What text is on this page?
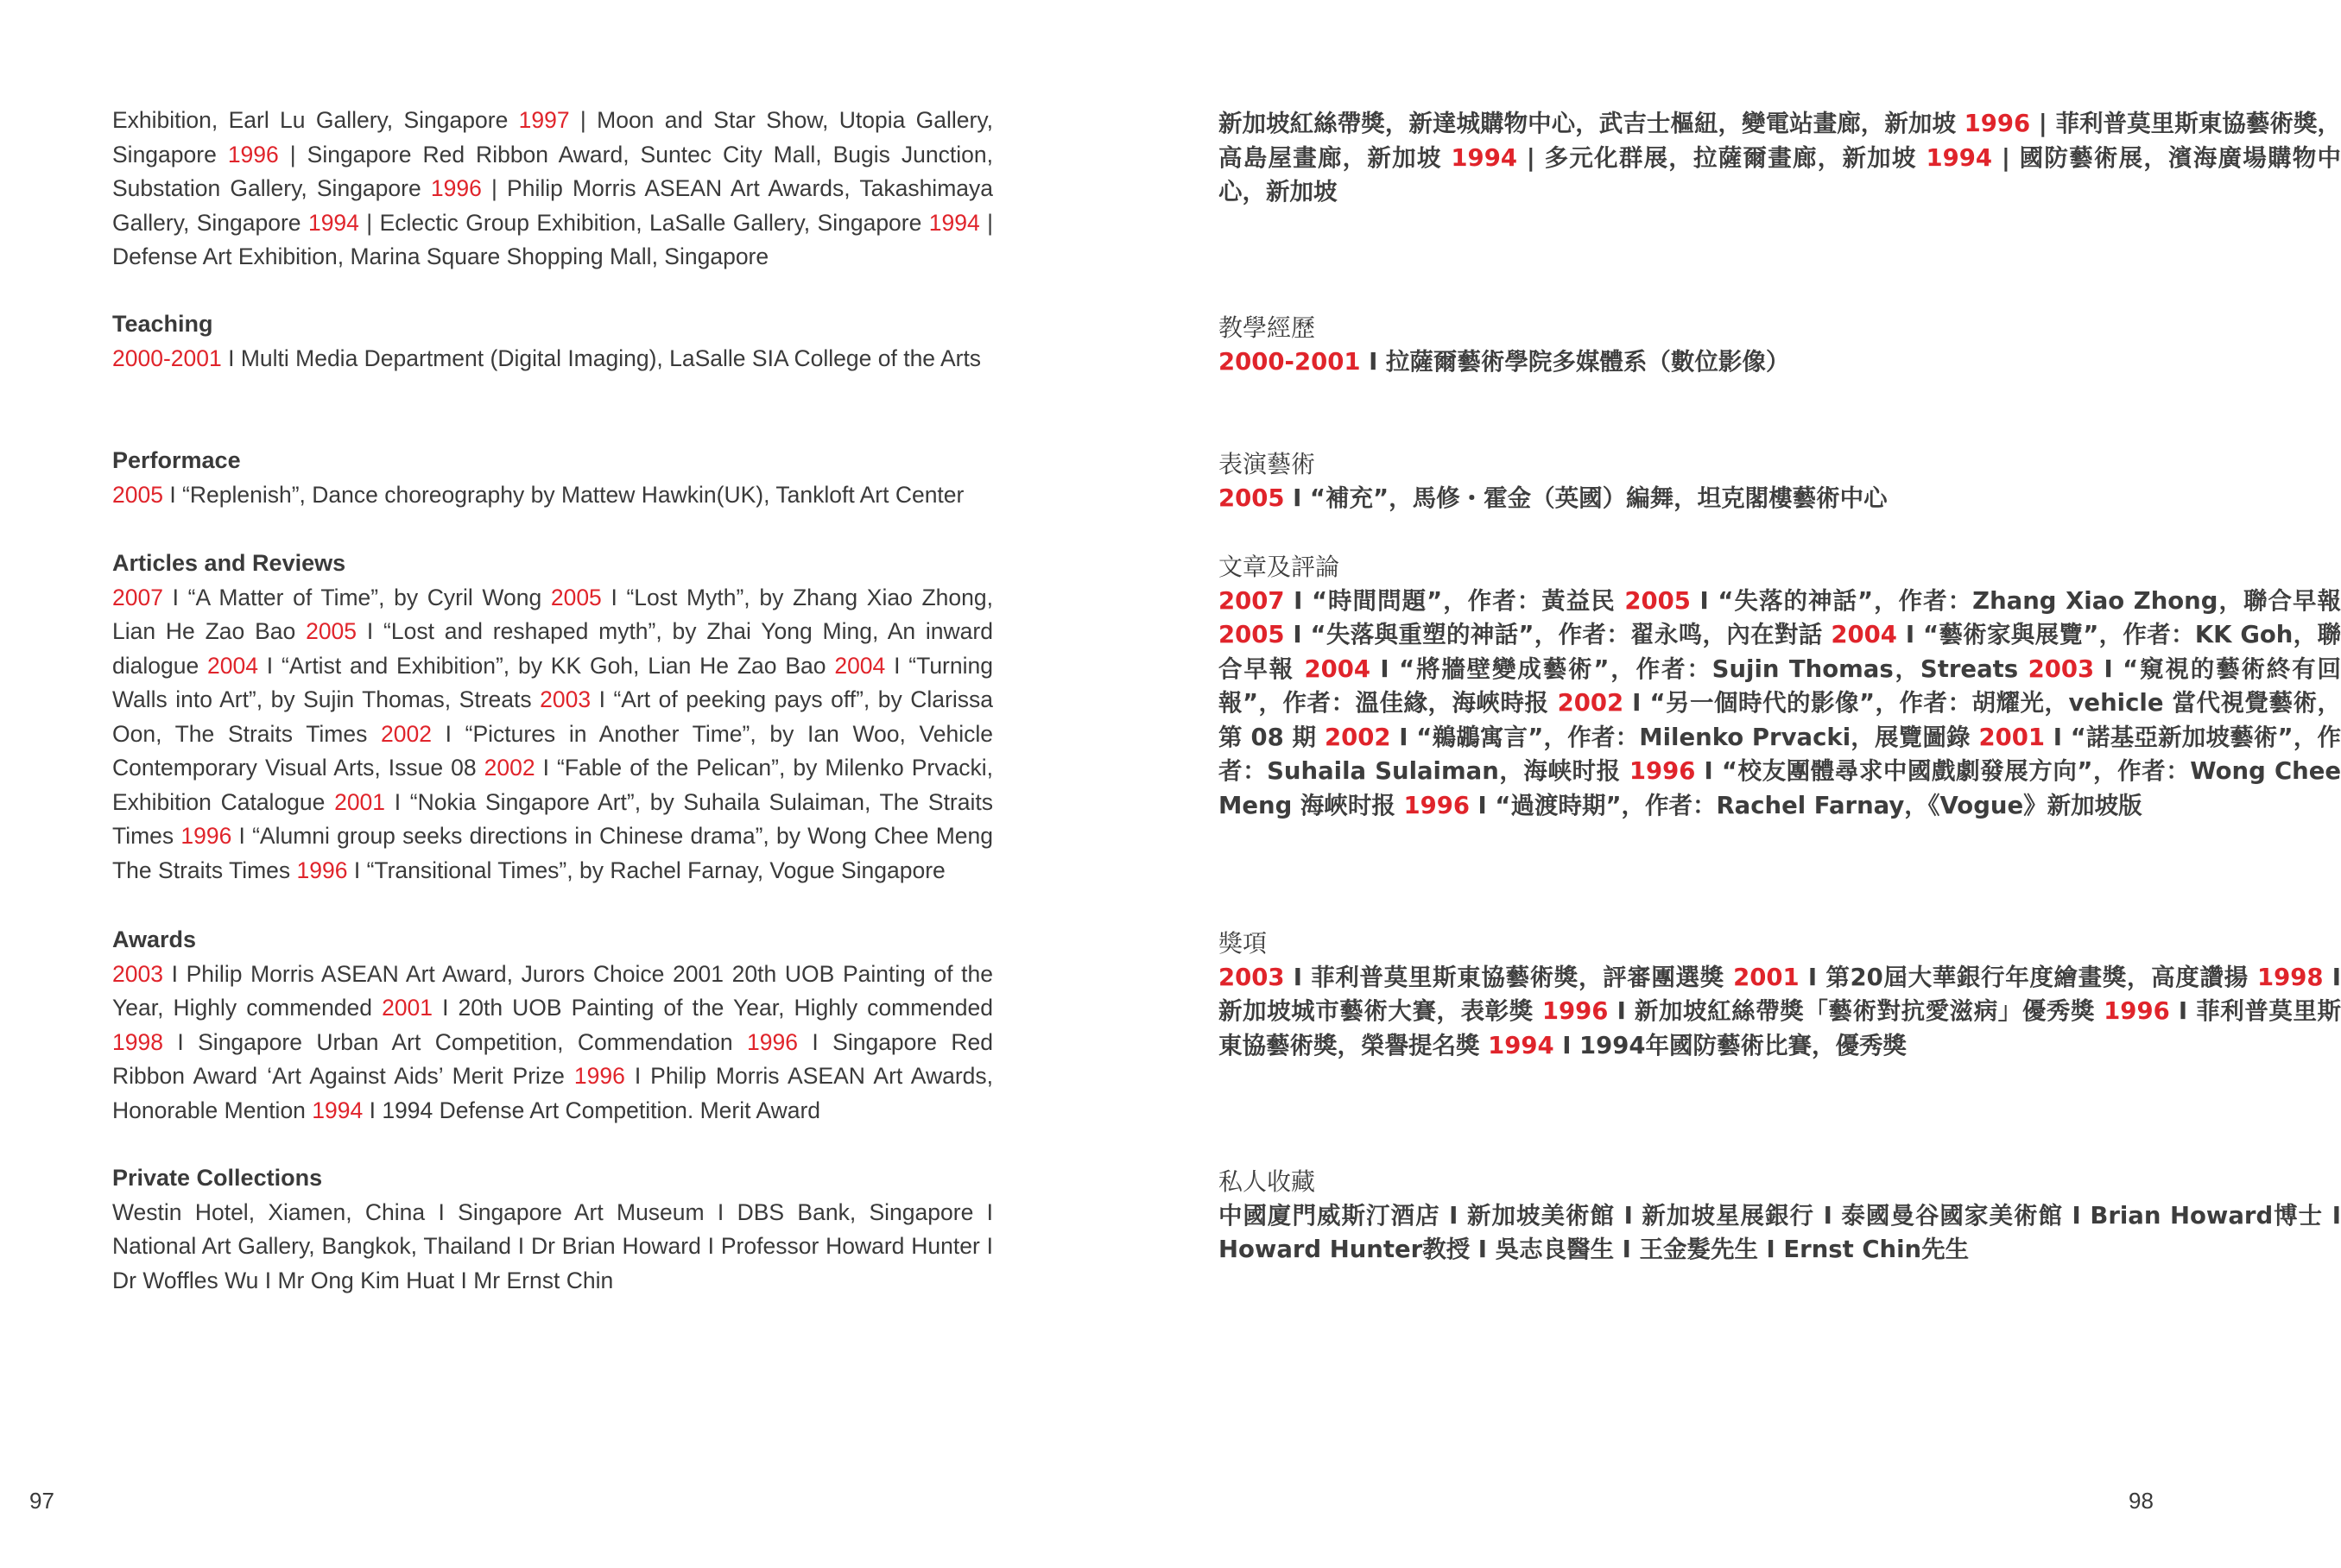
Exhibition, Earl Lu Gallery, Singapore 1997 | Moon and Star Show, Utopia Gallery, Singapore 1996 | Singapore Red Ribbon Award, Suntec City Mall, Bugis Junction, Substation Gallery, Singapore 1996 | Philip Morris ASEAN Art Awards, Takashimaya Gallery, Singapore 1994 | Eclectic Group Exhibition, LaSalle Gallery, Singapore 1994 | Defense Art Exhibition, Marina Square Shopping Mall, Singapore

Teaching

2000-2001 I Multi Media Department (Digital Imaging), LaSalle SIA College of the Arts

Performace

2005 I “Replenish”, Dance choreography by Mattew Hawkin(UK), Tankloft Art Center

Articles and Reviews

2007 I “A Matter of Time”, by Cyril Wong 2005 I “Lost Myth”, by Zhang Xiao Zhong, Lian He Zao Bao 2005 I “Lost and reshaped myth”, by Zhai Yong Ming, An inward dialogue 2004 I “Artist and Exhibition”, by KK Goh, Lian He Zao Bao 2004 I “Turning Walls into Art”, by Sujin Thomas, Streats 2003 I “Art of peeking pays off”, by Clarissa Oon, The Straits Times 2002 I “Pictures in Another Time”, by Ian Woo, Vehicle Contemporary Visual Arts, Issue 08 2002 I “Fable of the Pelican”, by Milenko Prvacki, Exhibition Catalogue 2001 I “Nokia Singapore Art”, by Suhaila Sulaiman, The Straits Times 1996 I “Alumni group seeks directions in Chinese drama”, by Wong Chee Meng The Straits Times 1996 I “Transitional Times”, by Rachel Farnay, Vogue Singapore

Awards

2003 I Philip Morris ASEAN Art Award, Jurors Choice 2001 20th UOB Painting of the Year, Highly commended 2001 I 20th UOB Painting of the Year, Highly commended 1998 I Singapore Urban Art Competition, Commendation 1996 I Singapore Red Ribbon Award ‘Art Against Aids’ Merit Prize 1996 I Philip Morris ASEAN Art Awards, Honorable Mention 1994 I 1994 Defense Art Competition. Merit Award

Private Collections

Westin Hotel, Xiamen, China I Singapore Art Museum I DBS Bank, Singapore I National Art Gallery, Bangkok, Thailand I Dr Brian Howard I Professor Howard Hunter I Dr Woffles Wu I Mr Ong Kim Huat I Mr Ernst Chin

97

新加坡紅絲帶獎，新達城購物中心，武吉士樞紐，變電站畫廊，新加坡 1996 | 菲利普莫里斯東協藝術獎，高島屋畫廊，新加坡 1994 | 多元化群展，拉薩爾畫廊，新加坡 1994 | 國防藝術展，濱海廣場購物中心，新加坡

教學經歷

2000-2001 I 拉薩爾藝術學院多媒體系（數位影像）

表演藝術

2005 I “補充”，馬修・霍金（英國）編舞，坦克閣樓藝術中心

文章及評論

2007 I “時間問題”，作者：黃益民 2005 I “失落的神話”，作者：Zhang Xiao Zhong，聯合早報 2005 I “失落與重塑的神話”，作者：翟永鸣，內在對話 2004 I “藝術家與展覽”，作者：KK Goh，聯合早報 2004 I “將牆壁變成藝術”，作者：Sujin Thomas，Streats 2003 I “窺視的藝術終有回報”，作者：溫佳緣，海峽時报 2002 I “另一個時代的影像”，作者：胡耀光，vehicle 當代視覺藝術，第 08 期 2002 I “鵜鶘寓言”，作者：Milenko Prvacki，展覽圖錄 2001 I “諾基亞新加坡藝術”，作者：Suhaila Sulaiman，海峡时报 1996 I “校友團體尋求中國戲劇發展方向”，作者：Wong Chee Meng 海峽时报 1996 I “過渡時期”，作者：Rachel Farnay，《Vogue》新加坡版

獎項

2003 I 菲利普莫里斯東協藝術獎，評審團選獎 2001 I 第20屆大華銀行年度繪畫獎，高度讚揚 1998 I 新加坡城市藝術大賽，表彰獎 1996 I 新加坡紅絲帶獎「藝術對抗愛滋病」優秀獎 1996 I 菲利普莫里斯東協藝術獎，榮譽提名獎 1994 I 1994年國防藝術比賽，優秀獎

私人收藏

中國廈門威斯汀酒店 I 新加坡美術館 I 新加坡星展銀行 I 泰國曼谷國家美術館 I Brian Howard博士 I Howard Hunter教授 I 吳志良醫生 I 王金髮先生 I Ernst Chin先生

98
